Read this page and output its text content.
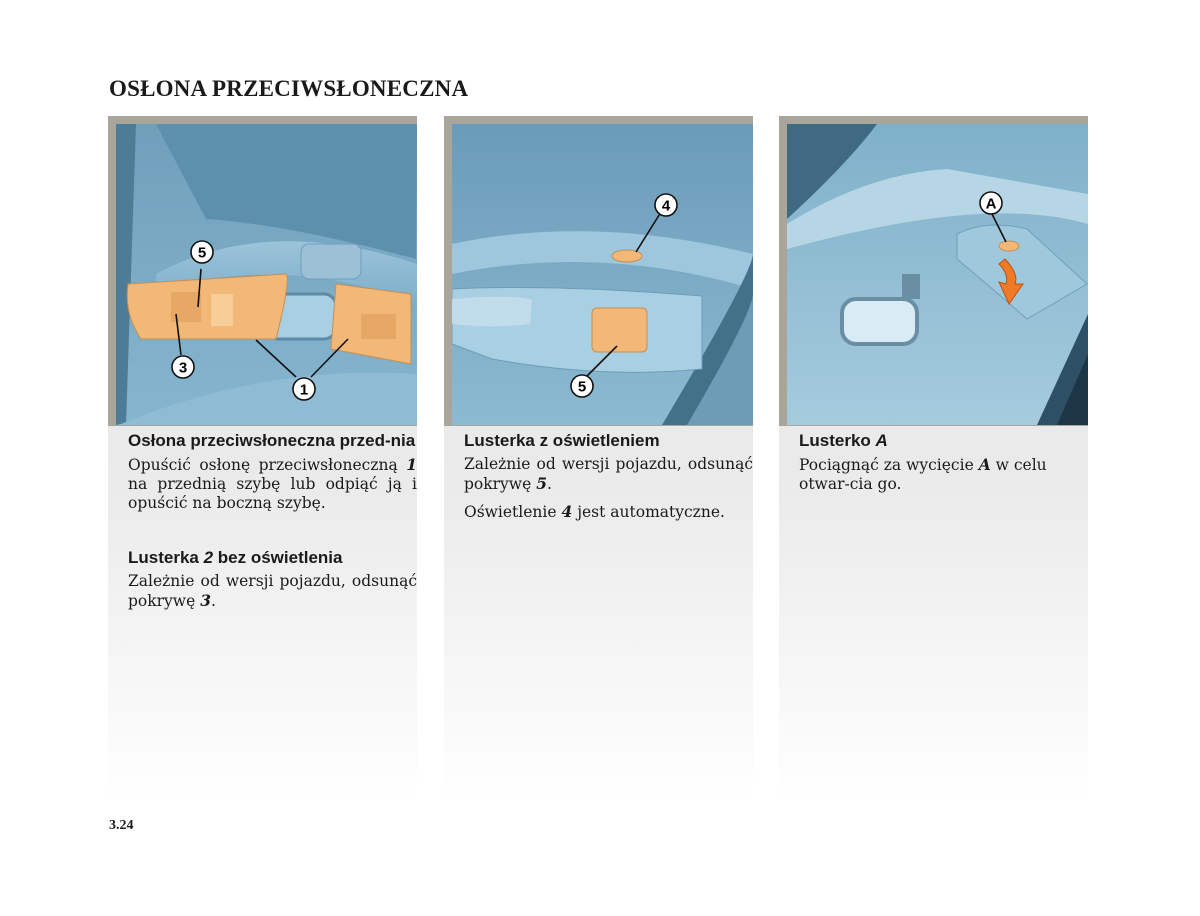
OSŁONA PRZECIWSŁONECZNA
5
3
1
Osłona przeciwsłoneczna przed-nia

Opuścić osłonę przeciwsłoneczną 1 na przednią szybę lub odpiąć ją i opuścić na boczną szybę.

Lusterka 2 bez oświetlenia

Zależnie od wersji pojazdu, odsunąć pokrywę 3.

4
5
Lusterka z oświetleniem

Zależnie od wersji pojazdu, odsunąć pokrywę 5.

Oświetlenie 4 jest automatyczne.

A
Lusterko A

Pociągnąć za wycięcie A w celu otwar-cia go.

3.24
